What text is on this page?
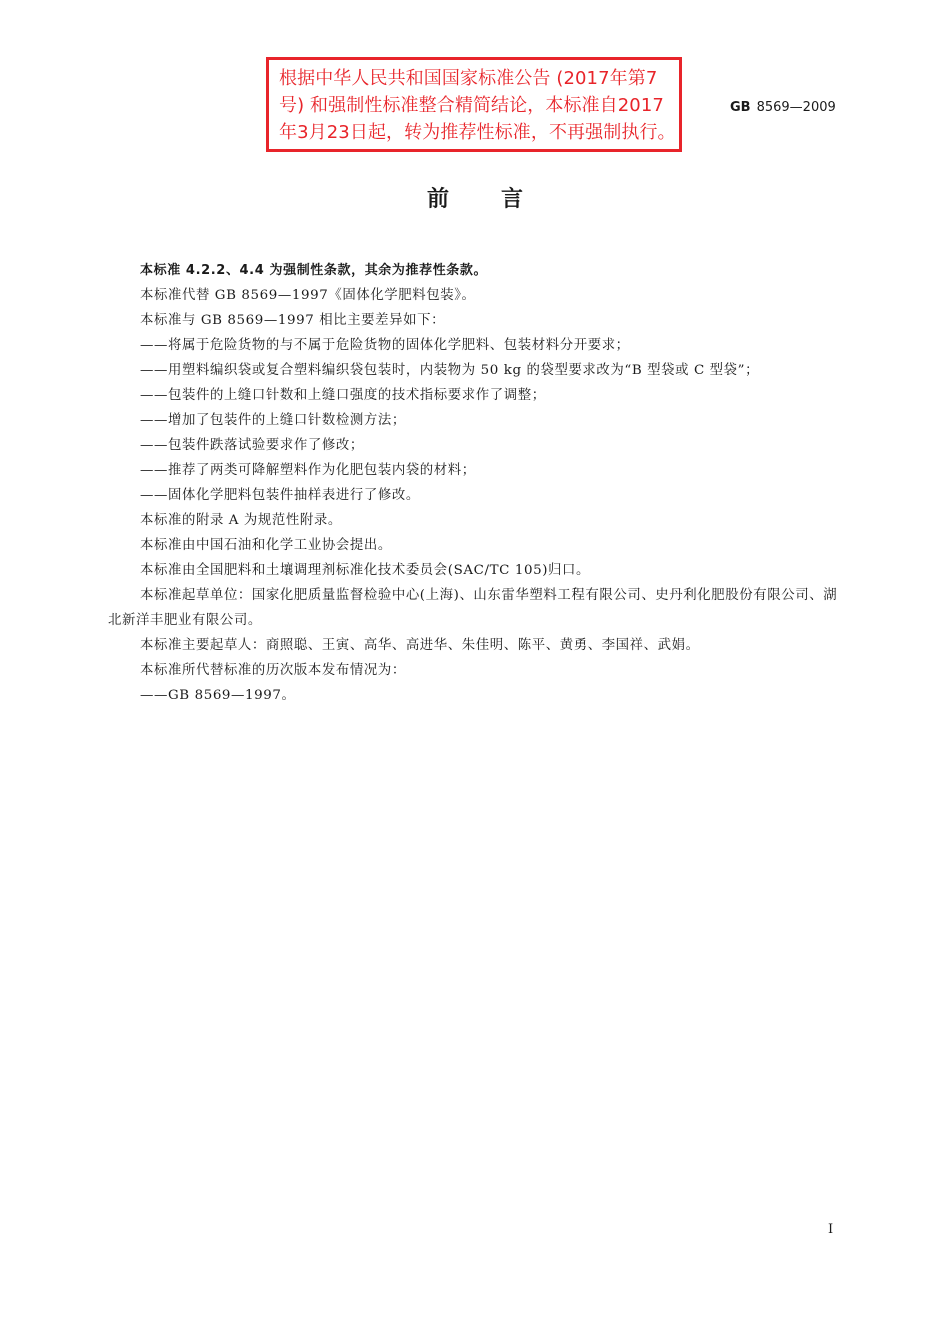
根据中华人民共和国国家标准公告 (2017年第7
号) 和强制性标准整合精简结论，本标准自2017
年3月23日起，转为推荐性标准，不再强制执行。
GB 8569—2009
前言

本标准 4.2.2、4.4 为强制性条款，其余为推荐性条款。

本标准代替 GB 8569—1997《固体化学肥料包装》。

本标准与 GB 8569—1997 相比主要差异如下：

——将属于危险货物的与不属于危险货物的固体化学肥料、包装材料分开要求；

——用塑料编织袋或复合塑料编织袋包装时，内装物为 50 kg 的袋型要求改为“B 型袋或 C 型袋”；

——包装件的上缝口针数和上缝口强度的技术指标要求作了调整；

——增加了包装件的上缝口针数检测方法；

——包装件跌落试验要求作了修改；

——推荐了两类可降解塑料作为化肥包装内袋的材料；

——固体化学肥料包装件抽样表进行了修改。

本标准的附录 A 为规范性附录。

本标准由中国石油和化学工业协会提出。

本标准由全国肥料和土壤调理剂标准化技术委员会(SAC/TC 105)归口。

本标准起草单位：国家化肥质量监督检验中心(上海)、山东雷华塑料工程有限公司、史丹利化肥股份有限公司、湖北新洋丰肥业有限公司。

本标准主要起草人：商照聪、王寅、高华、高进华、朱佳明、陈平、黄勇、李国祥、武娟。

本标准所代替标准的历次版本发布情况为：

——GB 8569—1997。

I
